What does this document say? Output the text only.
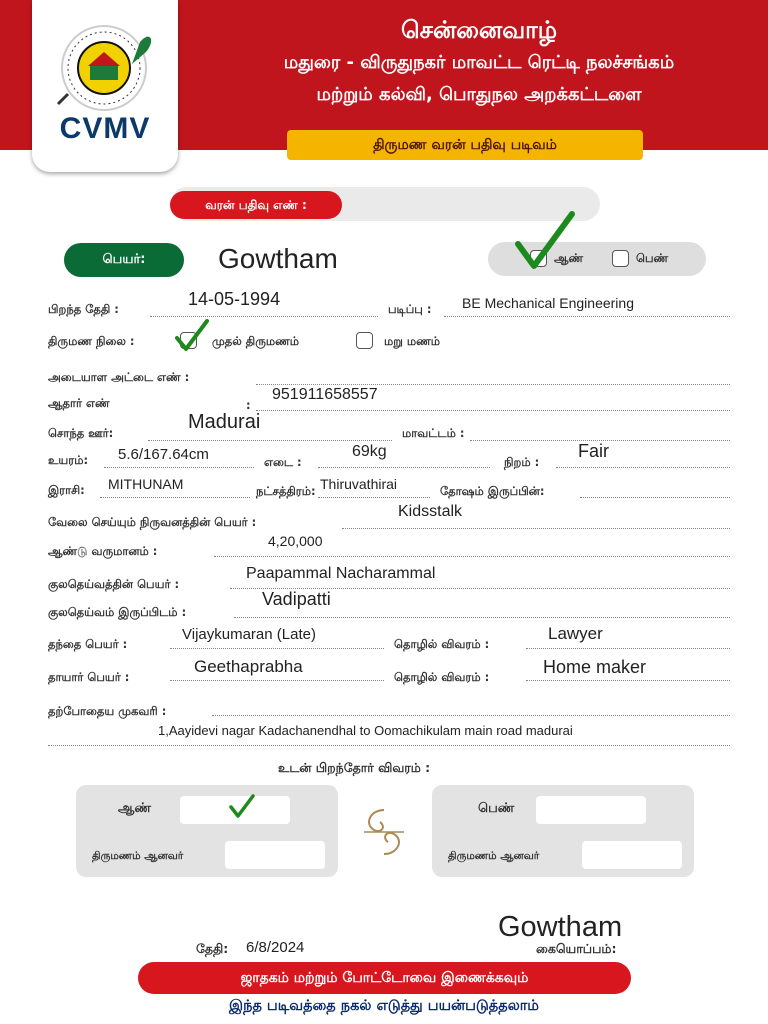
சென்னைவாழ்
மதுரை - விருதுநகர் மாவட்ட ரெட்டி நலச்சங்கம்
மற்றும் கல்வி, பொதுநல அறக்கட்டளை
திருமண வரன் பதிவு படிவம்
CVMV
வரன் பதிவு எண் :
பெயர்:	Gowtham	ஆண்	பெண்
பிறந்த தேதி :	14-05-1994	படிப்பு : BE Mechanical Engineering
திருமண நிலை :	முதல் திருமணம்	மறு மணம்
அடையாள அட்டை எண் :
ஆதார் எண்	:
951911658557
சொந்த ஊர்:	Madurai	மாவட்டம் :
உயரம்: 5.6/167.64cm	எடை :
69kg
நிறம் :
Fair
இராசி: MITHUNAM	நட்சத்திரம்: Thiruvathirai	தோஷம் இருப்பின்:
வேலை செய்யும் நிருவனத்தின் பெயர் :
Kidsstalk
ஆண்டு வருமானம் :
4,20,000
குலதெய்வத்தின் பெயர் :
Paapammal Nacharammal
குலதெய்வம் இருப்பிடம் :
Vadipatti
தந்தை பெயர் :
Vijaykumaran (Late)
தொழில் விவரம் :
Lawyer
தாயார் பெயர் :
Geethaprabha
தொழில் விவரம் :	Home maker
தற்போதைய முகவரி :
1,Aayidevi nagar Kadachanendhal to Oomachikulam main road madurai
உடன் பிறந்தோர் விவரம் :
ஆண்
திருமணம் ஆனவர்
பெண்
திருமணம் ஆனவர்
தேதி: 6/8/2024
Gowtham
கையொப்பம்:
ஜாதகம் மற்றும் போட்டோவை இணைக்கவும்
இந்த படிவத்தை நகல் எடுத்து பயன்படுத்தலாம்
